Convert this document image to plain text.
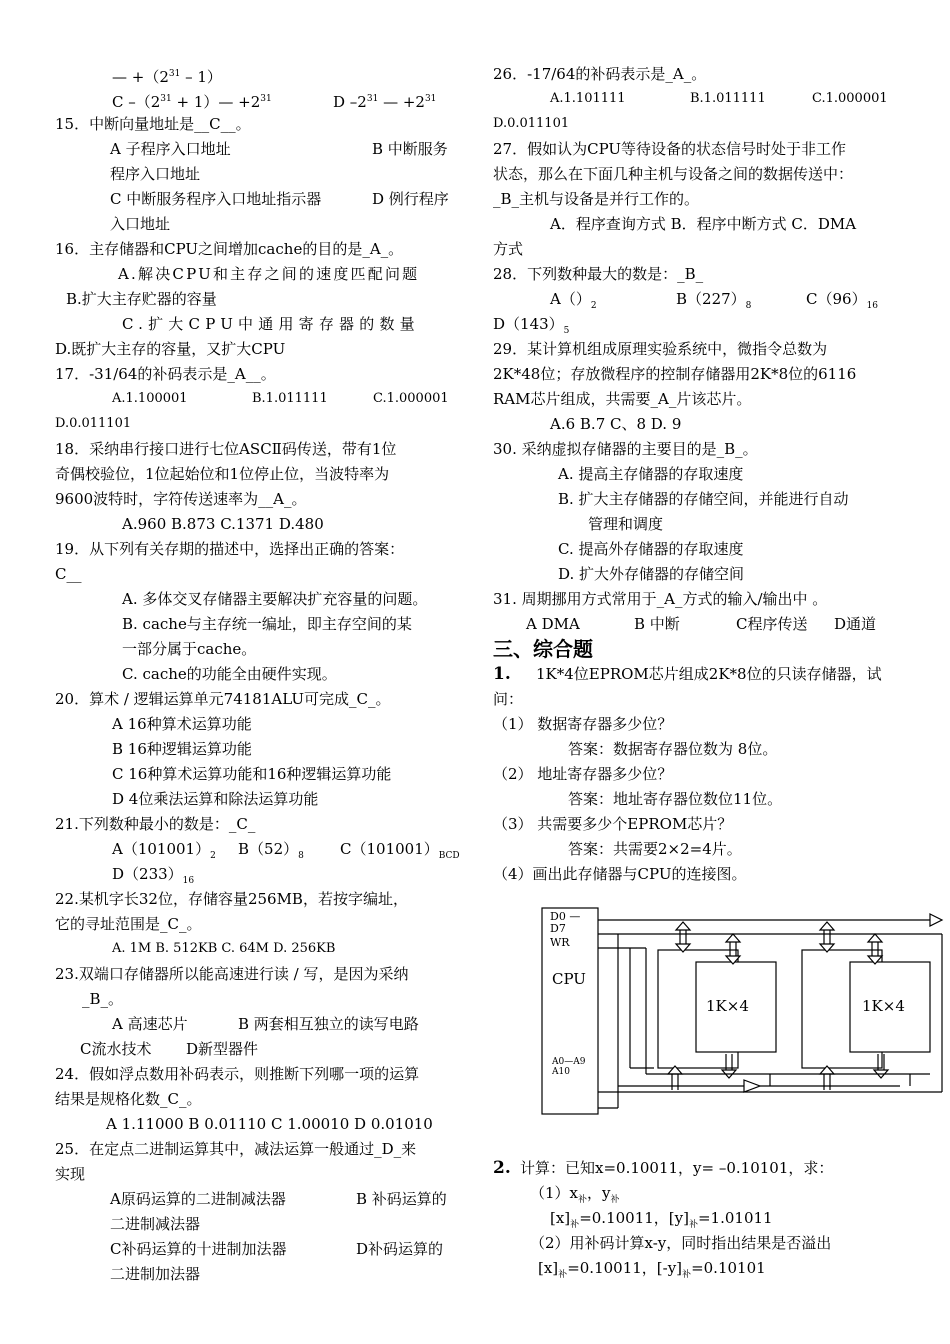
— $+(2^{31} - 1)$
C $-(2^{31}$ + 1）— $+2^{31}$	D $-2^{31}$ — $+2^{31}$
15．中断向量地址是__C__。
A 子程序入口地址	B 中断服务
程序入口地址
C 中断服务程序入口地址指示器	D 例行程序
入口地址
16．主存储器和CPU之间增加cache的目的是_A_。
A.解决CPU和主存之间的速度匹配问题
B.扩大主存贮器的容量
C.扩大CPU中通用寄存器的数量
D.既扩大主存的容量，又扩大CPU
17．-31/64的补码表示是_A__。
A.1.100001	B.1.011111	C.1.000001
D.0.011101
18．采纳串行接口进行七位ASCⅡ码传送，带有1位
奇偶校验位，1位起始位和1位停止位，当波特率为
9600波特时，字符传送速率为__A_。
A.960 B.873 C.1371 D.480
19．从下列有关存期的描述中，选择出正确的答案：
C__
A. 多体交叉存储器主要解决扩充容量的问题。
B. cache与主存统一编址，即主存空间的某
一部分属于cache。
C. cache的功能全由硬件实现。
20．算术 / 逻辑运算单元74181ALU可完成_C_。
A 16种算术运算功能
B 16种逻辑运算功能
C 16种算术运算功能和16种逻辑运算功能
D 4位乘法运算和除法运算功能
21.下列数种最小的数是：_C_
$A(101001)_2$ $B(52)_8$ $C(101001)_{BCD}$
$D(233)_{16}$
22.某机字长32位，存储容量256MB，若按字编址，
它的寻址范围是_C_。
A. 1M B. 512KB C. 64M D. 256KB
23.双端口存储器所以能高速进行读 / 写，是因为采纳
_B_。
A 高速芯片	B 两套相互独立的读写电路
C流水技术 D新型器件
24．假如浮点数用补码表示，则推断下列哪一项的运算
结果是规格化数_C_。
A 1.11000 B 0.01110 C 1.00010 D 0.01010
25．在定点二进制运算其中，减法运算一般通过_D_来
实现
A原码运算的二进制减法器	B 补码运算的
二进制减法器
C补码运算的十进制加法器	D补码运算的
二进制加法器
26．-17/64的补码表示是_A_。
A.1.101111	B.1.011111	C.1.000001
D.0.011101
27．假如认为CPU等待设备的状态信号时处于非工作
状态，那么在下面几种主机与设备之间的数据传送中：
_B_主机与设备是并行工作的。
A．程序查询方式 B．程序中断方式 C．DMA
方式
28．下列数种最大的数是：_B_
$A()_2$	$B(227)_8$	$C(96)_{16}$
$D(143)_5$
29．某计算机组成原理实验系统中，微指令总数为
2K*48位；存放微程序的控制存储器用2K*8位的6116
RAM芯片组成，共需要_A_片该芯片。
A.6 B.7 C、8 D. 9
30. 采纳虚拟存储器的主要目的是_B_。
A. 提高主存储器的存取速度
B. 扩大主存储器的存储空间，并能进行自动
管理和调度
C. 提高外存储器的存取速度
D. 扩大外存储器的存储空间
31. 周期挪用方式常用于_A_方式的输入/输出中 。
A DMA	B 中断	C程序传送 D通道
三、综合题
1. 1K*4位EPROM芯片组成2K*8位的只读存储器，试
问：
（1） 数据寄存器多少位？
答案：数据寄存器位数为 8位。
（2） 地址寄存器多少位？
答案：地址寄存器位数位11位。
（3） 共需要多少个EPROM芯片？
答案：共需要2×2=4片。
（4）画出此存储器与CPU的连接图。
D0 —
D7
WR
CPU
A0—A9
A10
1K×4	1K×4
2. 计算：已知x=0.10011，y= –0.10101，求：
$(1)x_补$，$y_补$
$[x]_补=0.10011$，$[y]_补=1.01011$
（2）用补码计算x-y，同时指出结果是否溢出
$[x]_补=0.10011$，$[-y]_补=0.10101$
